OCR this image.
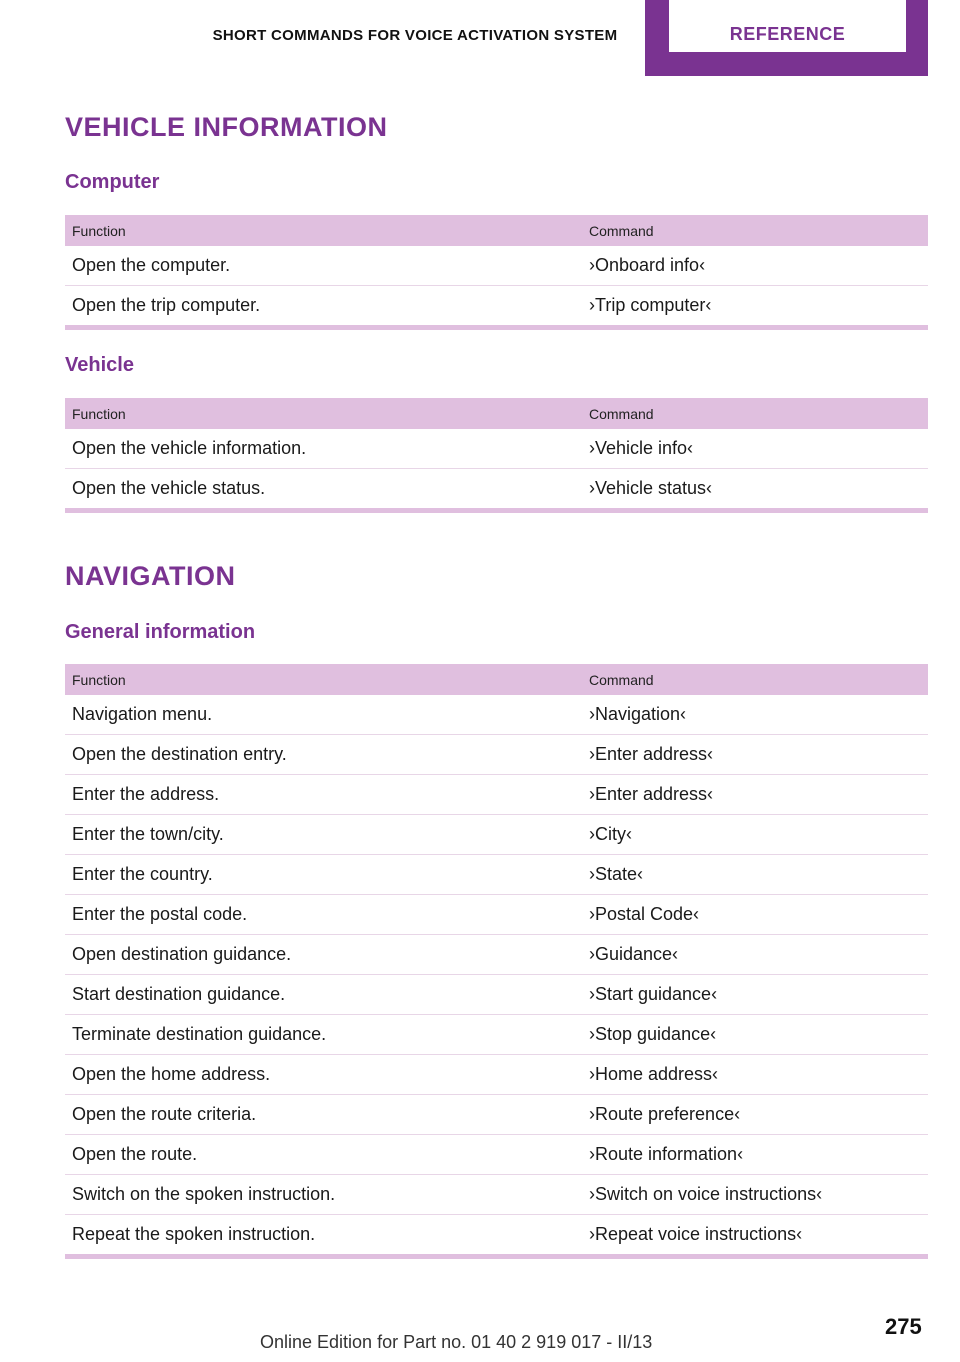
SHORT COMMANDS FOR VOICE ACTIVATION SYSTEM	REFERENCE
VEHICLE INFORMATION
Computer
Function	Command
Open the computer.	›Onboard info‹
Open the trip computer.	›Trip computer‹
Vehicle
Function	Command
Open the vehicle information.	›Vehicle info‹
Open the vehicle status.	›Vehicle status‹
NAVIGATION
General information
Function	Command
Navigation menu.	›Navigation‹
Open the destination entry.	›Enter address‹
Enter the address.	›Enter address‹
Enter the town/city.	›City‹
Enter the country.	›State‹
Enter the postal code.	›Postal Code‹
Open destination guidance.	›Guidance‹
Start destination guidance.	›Start guidance‹
Terminate destination guidance.	›Stop guidance‹
Open the home address.	›Home address‹
Open the route criteria.	›Route preference‹
Open the route.	›Route information‹
Switch on the spoken instruction.	›Switch on voice instructions‹
Repeat the spoken instruction.	›Repeat voice instructions‹
275
Online Edition for Part no. 01 40 2 919 017 - II/13
